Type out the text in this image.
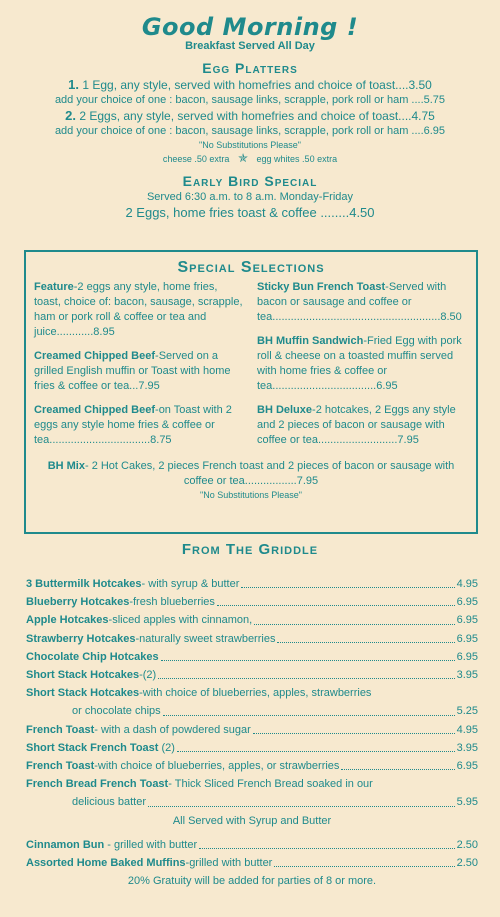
Good Morning !
Breakfast Served All Day
Egg Platters
1. 1 Egg, any style, served with homefries and choice of toast....3.50
add your choice of one : bacon, sausage links, scrapple, pork roll or ham ....5.75
2. 2 Eggs, any style, served with homefries and choice of toast....4.75
add your choice of one : bacon, sausage links, scrapple, pork roll or ham ....6.95
"No Substitutions Please"
cheese .50 extra ✯ egg whites .50 extra
Early Bird Special
Served 6:30 a.m. to 8 a.m. Monday-Friday
2 Eggs, home fries toast & coffee ........4.50
Special Selections
Feature-2 eggs any style, home fries, toast, choice of: bacon, sausage, scrapple, ham or pork roll & coffee or tea and juice............8.95
Creamed Chipped Beef-Served on a grilled English muffin or Toast with home fries & coffee or tea...7.95
Creamed Chipped Beef-on Toast with 2 eggs any style home fries & coffee or tea.................................8.75
Sticky Bun French Toast-Served with bacon or sausage and coffee or tea.......................................................8.50
BH Muffin Sandwich-Fried Egg with pork roll & cheese on a toasted muffin served with home fries & coffee or tea..................................6.95
BH Deluxe-2 hotcakes, 2 Eggs any style and 2 pieces of bacon or sausage with coffee or tea..........................7.95
BH Mix- 2 Hot Cakes, 2 pieces French toast and 2 pieces of bacon or sausage with coffee or tea.................7.95
"No Substitutions Please"
From The Griddle
3 Buttermilk Hotcakes- with syrup & butter	4.95
Blueberry Hotcakes-fresh blueberries	6.95
Apple Hotcakes-sliced apples with cinnamon,	6.95
Strawberry Hotcakes-naturally sweet strawberries	6.95
Chocolate Chip Hotcakes	6.95
Short Stack Hotcakes-(2)	3.95
Short Stack Hotcakes-with choice of blueberries, apples, strawberries
or chocolate chips	5.25
French Toast- with a dash of powdered sugar	4.95
Short Stack French Toast (2)	3.95
French Toast-with choice of blueberries, apples, or strawberries	6.95
French Bread French Toast- Thick Sliced French Bread soaked in our
delicious batter	5.95
All Served with Syrup and Butter
Cinnamon Bun - grilled with butter	2.50
Assorted Home Baked Muffins-grilled with butter	2.50
20% Gratuity will be added for parties of 8 or more.
